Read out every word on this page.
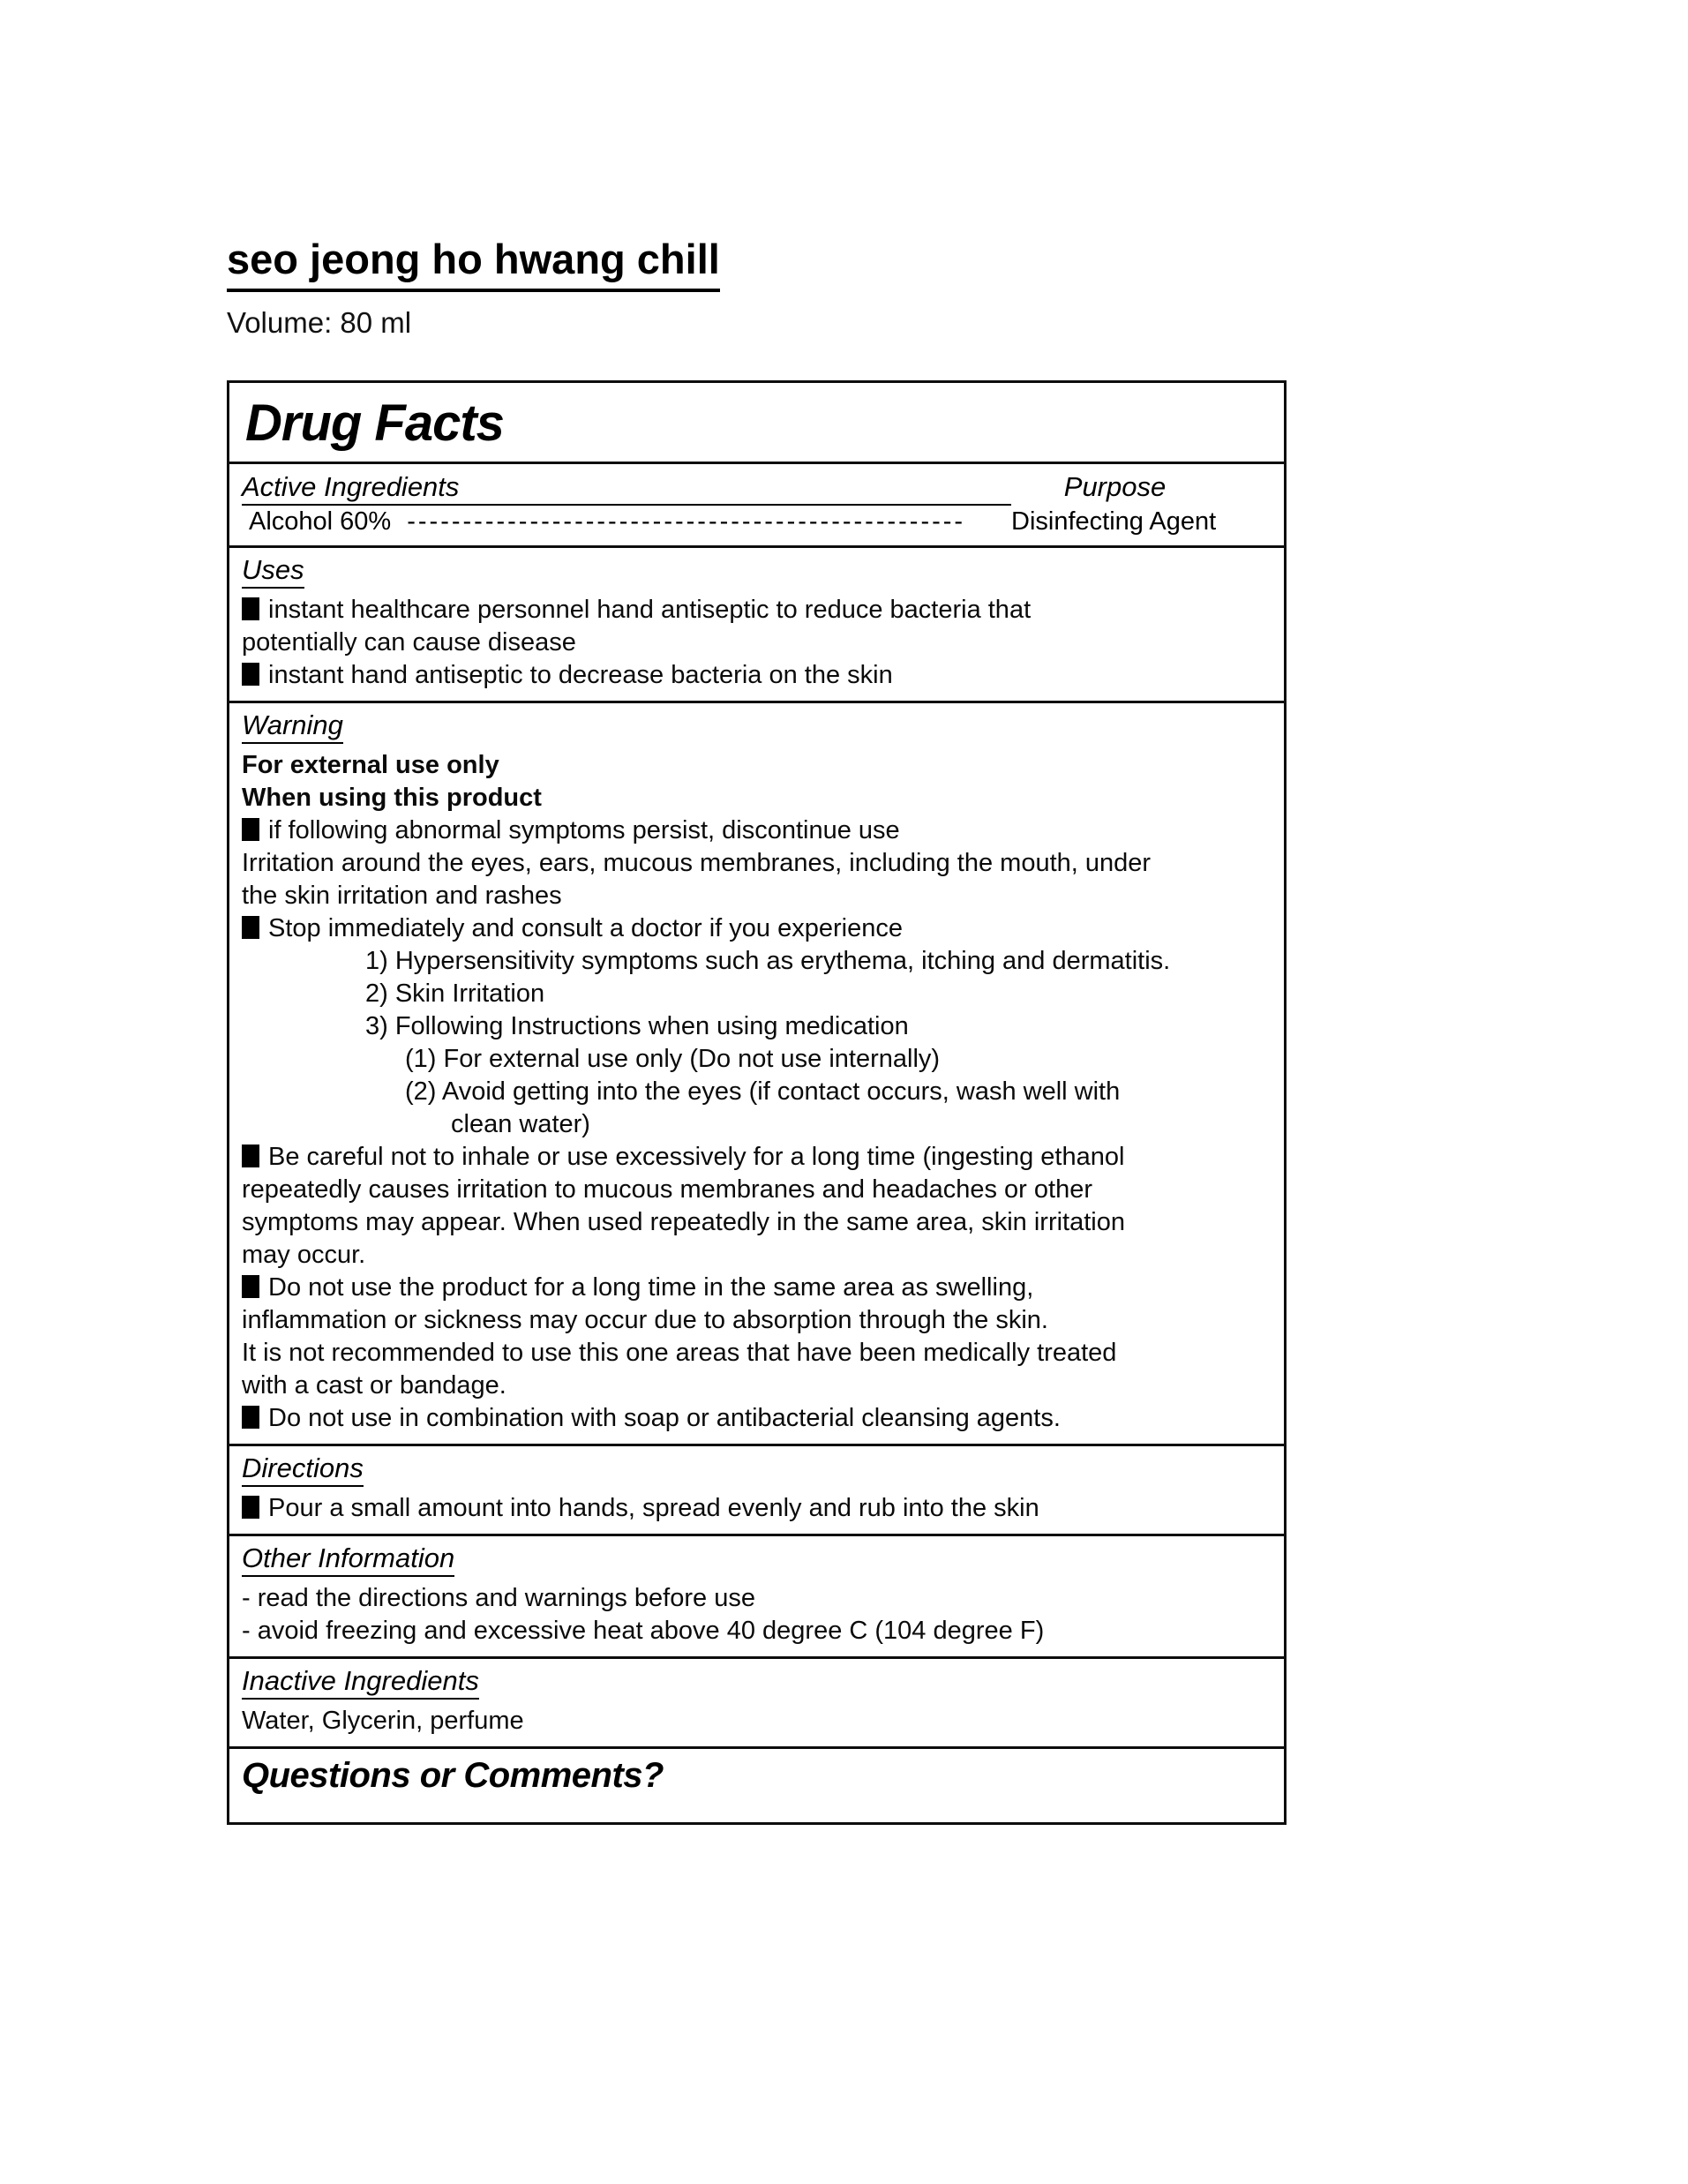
seo jeong ho hwang chill
Volume: 80 ml
Drug Facts
Active Ingredients	Purpose
Alcohol 60% --------------------------------------------------	Disinfecting Agent
Uses
instant healthcare personnel hand antiseptic to reduce bacteria that
potentially can cause disease
instant hand antiseptic to decrease bacteria on the skin
Warning
For external use only
When using this product
if following abnormal symptoms persist, discontinue use
Irritation around the eyes, ears, mucous membranes, including the mouth, under
the skin irritation and rashes
Stop immediately and consult a doctor if you experience
1) Hypersensitivity symptoms such as erythema, itching and dermatitis.
2) Skin Irritation
3) Following Instructions when using medication
(1) For external use only (Do not use internally)
(2) Avoid getting into the eyes (if contact occurs, wash well with
clean water)
Be careful not to inhale or use excessively for a long time (ingesting ethanol
repeatedly causes irritation to mucous membranes and headaches or other
symptoms may appear. When used repeatedly in the same area, skin irritation
may occur.
Do not use the product for a long time in the same area as swelling,
inflammation or sickness may occur due to absorption through the skin.
It is not recommended to use this one areas that have been medically treated
with a cast or bandage.
Do not use in combination with soap or antibacterial cleansing agents.
Directions
Pour a small amount into hands, spread evenly and rub into the skin
Other Information
- read the directions and warnings before use
- avoid freezing and excessive heat above 40 degree C (104 degree F)
Inactive Ingredients
Water, Glycerin, perfume
Questions or Comments?
